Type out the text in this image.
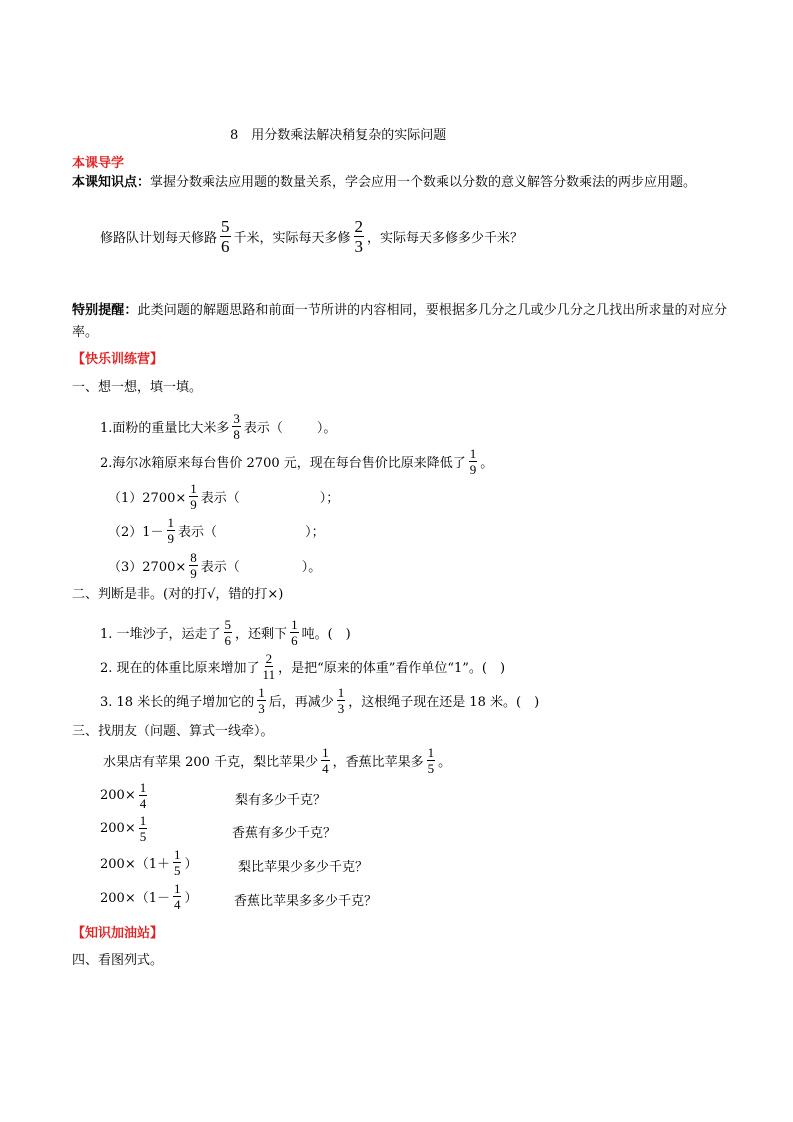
8　用分数乘法解决稍复杂的实际问题
本课导学
本课知识点：掌握分数乘法应用题的数量关系，学会应用一个数乘以分数的意义解答分数乘法的两步应用题。
修路队计划每天修路 $\frac{5}{6}$ 千米，实际每天多修 $\frac{2}{3}$ ，实际每天多修多少千米？
特别提醒：此类问题的解题思路和前面一节所讲的内容相同，要根据多几分之几或少几分之几找出所求量的对应分率。
【快乐训练营】
一、想一想，填一填。
1.面粉的重量比大米多 $\frac{3}{8}$ 表示（	）。
2.海尔冰箱原来每台售价 2700 元，现在每台售价比原来降低了 $\frac{1}{9}$ 。
$(1)2700\times \frac{1}{9}$ 表示（	）；
$(2)1- \frac{1}{9}$ 表示（	）；
$(3)2700\times \frac{8}{9}$ 表示（	）。
二、判断是非。(对的打√，错的打×)
1. 一堆沙子，运走了 $\frac{5}{6}$ ，还剩下 $\frac{1}{6}$ 吨。(　)
2. 现在的体重比原来增加了 $\frac{2}{11}$ ，是把“原来的体重”看作单位“1”。(　)
3. 18 米长的绳子增加它的 $\frac{1}{3}$ 后，再减少 $\frac{1}{3}$ ，这根绳子现在还是 18 米。(　)
三、找朋友（问题、算式一线牵）。
水果店有苹果 200 千克，梨比苹果少 $\frac{1}{4}$ ，香蕉比苹果多 $\frac{1}{5}$ 。
$200\times \frac{1}{4}$	梨有多少千克？
$200\times \frac{1}{5}$	香蕉有多少千克？
$200\times(1+ \frac{1}{5}$ ）	梨比苹果少多少千克？
$200\times(1- \frac{1}{4}$ ）	香蕉比苹果多多少千克？
【知识加油站】
四、看图列式。
